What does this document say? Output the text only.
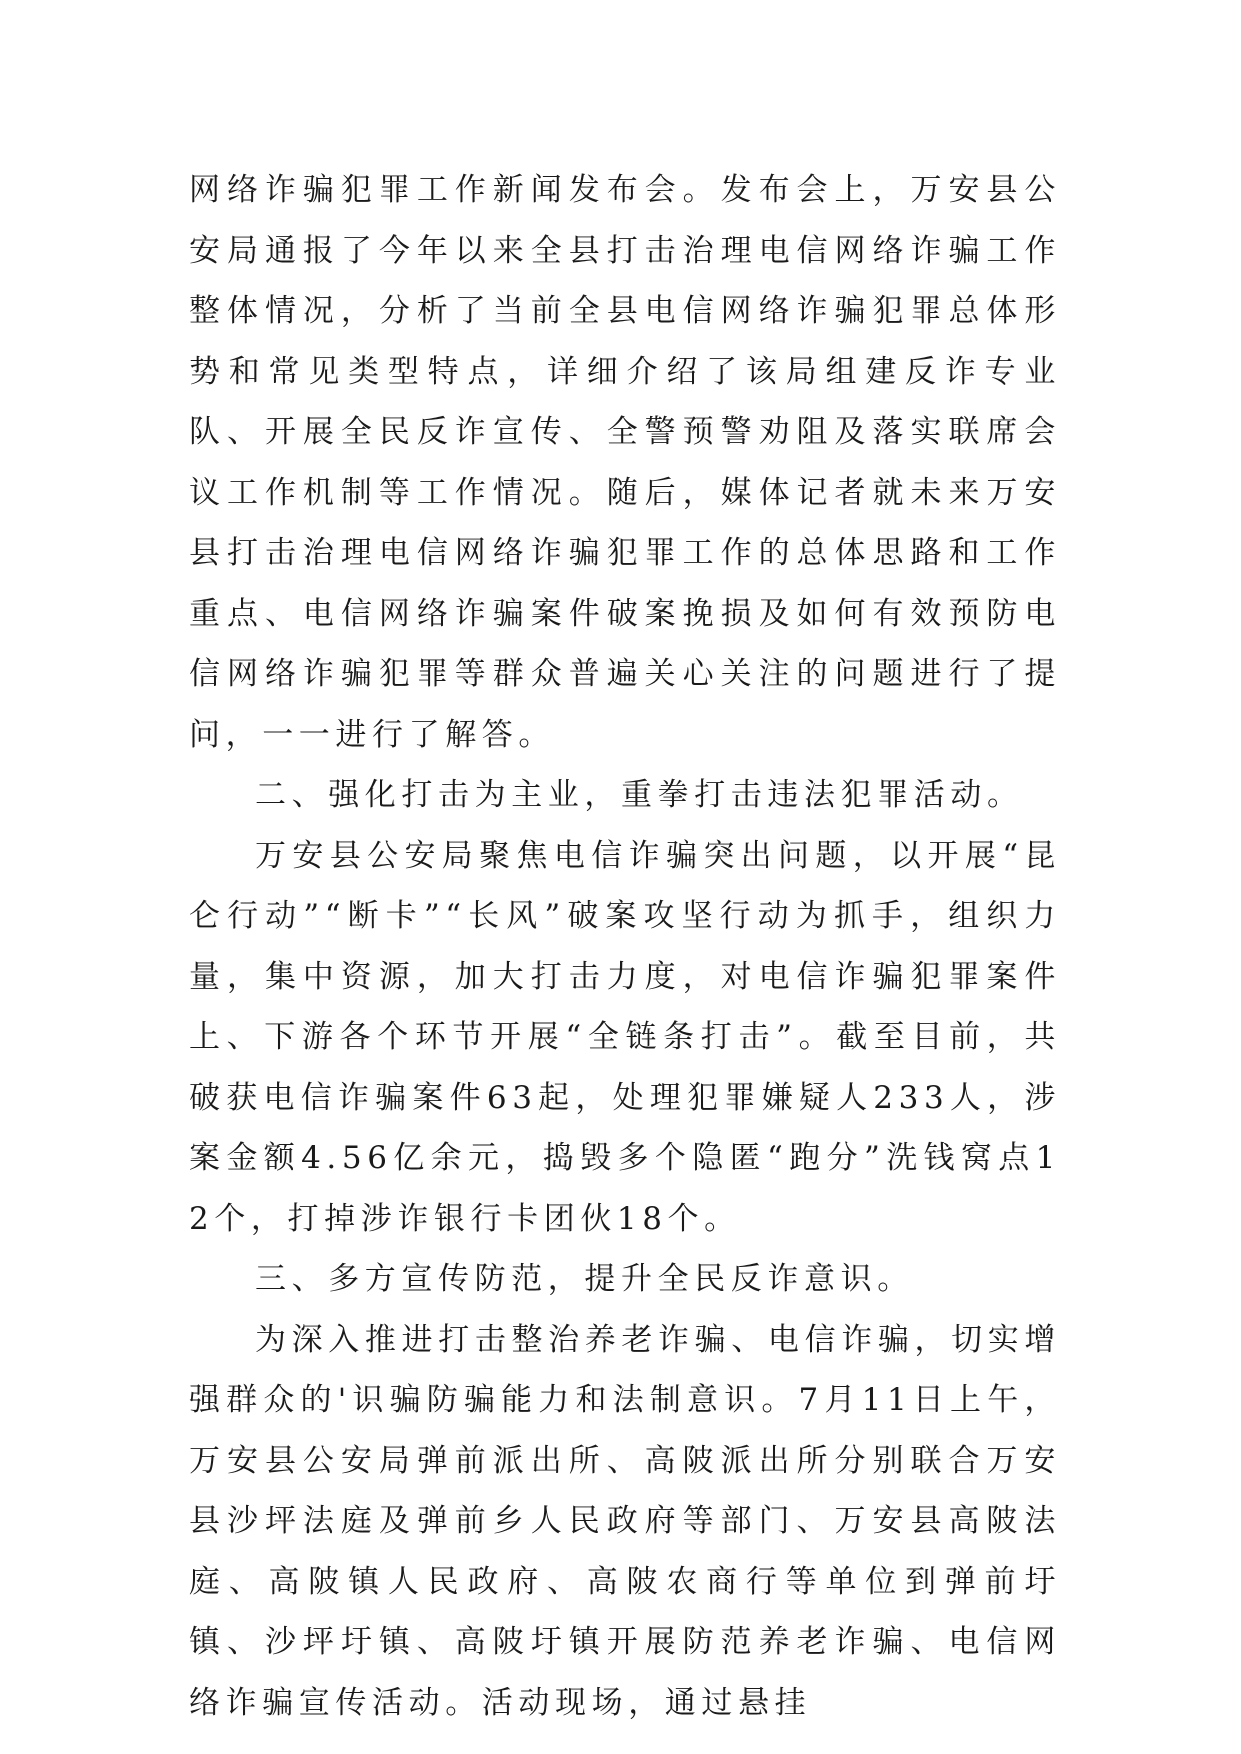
网络诈骗犯罪工作新闻发布会。发布会上，万安县公安局通报了今年以来全县打击治理电信网络诈骗工作整体情况，分析了当前全县电信网络诈骗犯罪总体形势和常见类型特点，详细介绍了该局组建反诈专业队、开展全民反诈宣传、全警预警劝阻及落实联席会议工作机制等工作情况。随后，媒体记者就未来万安县打击治理电信网络诈骗犯罪工作的总体思路和工作重点、电信网络诈骗案件破案挽损及如何有效预防电信网络诈骗犯罪等群众普遍关心关注的问题进行了提问，一一进行了解答。

二、强化打击为主业，重拳打击违法犯罪活动。

万安县公安局聚焦电信诈骗突出问题，以开展“昆仑行动”“断卡”“长风”破案攻坚行动为抓手，组织力量，集中资源，加大打击力度，对电信诈骗犯罪案件上、下游各个环节开展“全链条打击”。截至目前，共破获电信诈骗案件63起，处理犯罪嫌疑人233人，涉案金额4.56亿余元，捣毁多个隐匿“跑分”洗钱窝点12个，打掉涉诈银行卡团伙18个。

三、多方宣传防范，提升全民反诈意识。

为深入推进打击整治养老诈骗、电信诈骗，切实增强群众的'识骗防骗能力和法制意识。7月11日上午，万安县公安局弹前派出所、高陂派出所分别联合万安县沙坪法庭及弹前乡人民政府等部门、万安县高陂法庭、高陂镇人民政府、高陂农商行等单位到弹前圩镇、沙坪圩镇、高陂圩镇开展防范养老诈骗、电信网络诈骗宣传活动。活动现场，通过悬挂
